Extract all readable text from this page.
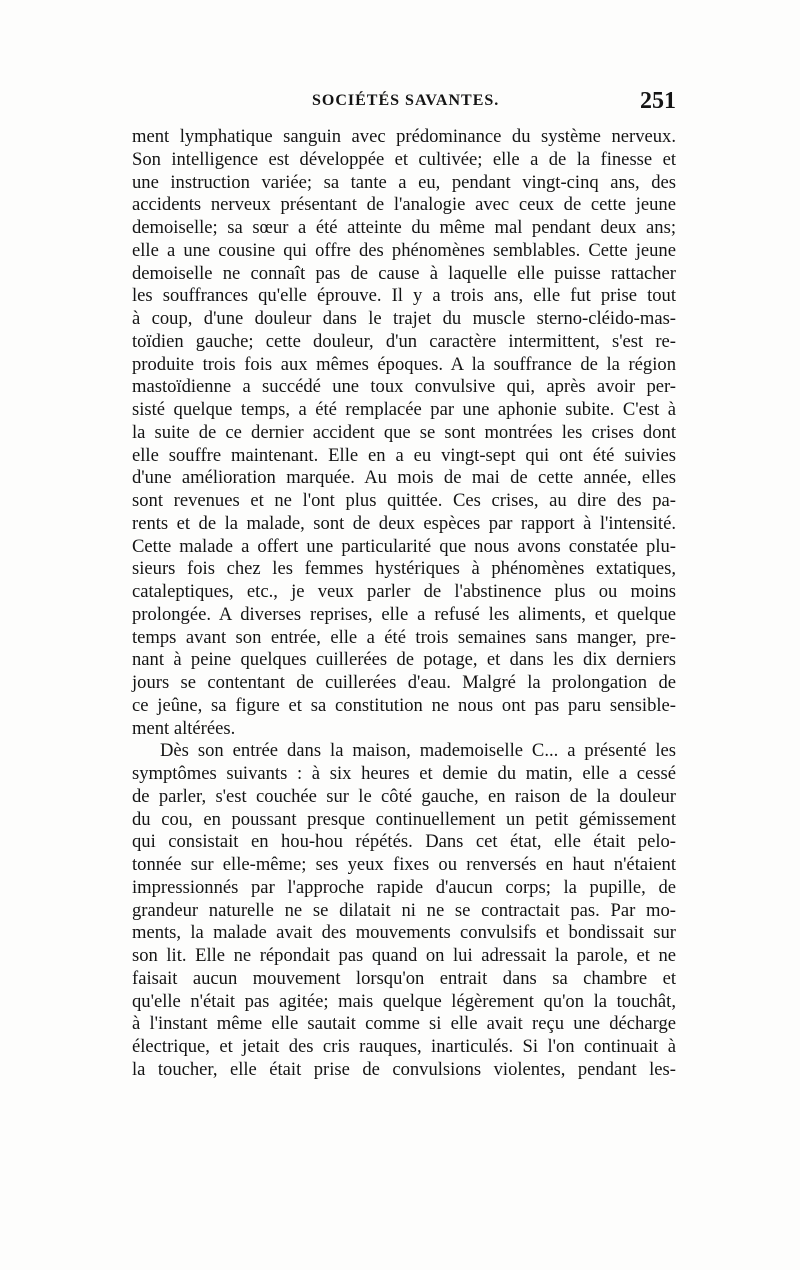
SOCIÉTÉS SAVANTES.	251
ment lymphatique sanguin avec prédominance du système nerveux.
Son intelligence est développée et cultivée; elle a de la finesse et
une instruction variée; sa tante a eu, pendant vingt-cinq ans, des
accidents nerveux présentant de l'analogie avec ceux de cette jeune
demoiselle; sa sœur a été atteinte du même mal pendant deux ans;
elle a une cousine qui offre des phénomènes semblables. Cette jeune
demoiselle ne connaît pas de cause à laquelle elle puisse rattacher
les souffrances qu'elle éprouve. Il y a trois ans, elle fut prise tout
à coup, d'une douleur dans le trajet du muscle sterno-cléido-mas-
toïdien gauche; cette douleur, d'un caractère intermittent, s'est re-
produite trois fois aux mêmes époques. A la souffrance de la région
mastoïdienne a succédé une toux convulsive qui, après avoir per-
sisté quelque temps, a été remplacée par une aphonie subite. C'est à
la suite de ce dernier accident que se sont montrées les crises dont
elle souffre maintenant. Elle en a eu vingt-sept qui ont été suivies
d'une amélioration marquée. Au mois de mai de cette année, elles
sont revenues et ne l'ont plus quittée. Ces crises, au dire des pa-
rents et de la malade, sont de deux espèces par rapport à l'intensité.
Cette malade a offert une particularité que nous avons constatée plu-
sieurs fois chez les femmes hystériques à phénomènes extatiques,
cataleptiques, etc., je veux parler de l'abstinence plus ou moins
prolongée. A diverses reprises, elle a refusé les aliments, et quelque
temps avant son entrée, elle a été trois semaines sans manger, pre-
nant à peine quelques cuillerées de potage, et dans les dix derniers
jours se contentant de cuillerées d'eau. Malgré la prolongation de
ce jeûne, sa figure et sa constitution ne nous ont pas paru sensible-
ment altérées.
Dès son entrée dans la maison, mademoiselle C... a présenté les
symptômes suivants : à six heures et demie du matin, elle a cessé
de parler, s'est couchée sur le côté gauche, en raison de la douleur
du cou, en poussant presque continuellement un petit gémissement
qui consistait en hou-hou répétés. Dans cet état, elle était pelo-
tonnée sur elle-même; ses yeux fixes ou renversés en haut n'étaient
impressionnés par l'approche rapide d'aucun corps; la pupille, de
grandeur naturelle ne se dilatait ni ne se contractait pas. Par mo-
ments, la malade avait des mouvements convulsifs et bondissait sur
son lit. Elle ne répondait pas quand on lui adressait la parole, et ne
faisait aucun mouvement lorsqu'on entrait dans sa chambre et
qu'elle n'était pas agitée; mais quelque légèrement qu'on la touchât,
à l'instant même elle sautait comme si elle avait reçu une décharge
électrique, et jetait des cris rauques, inarticulés. Si l'on continuait à
la toucher, elle était prise de convulsions violentes, pendant les-
